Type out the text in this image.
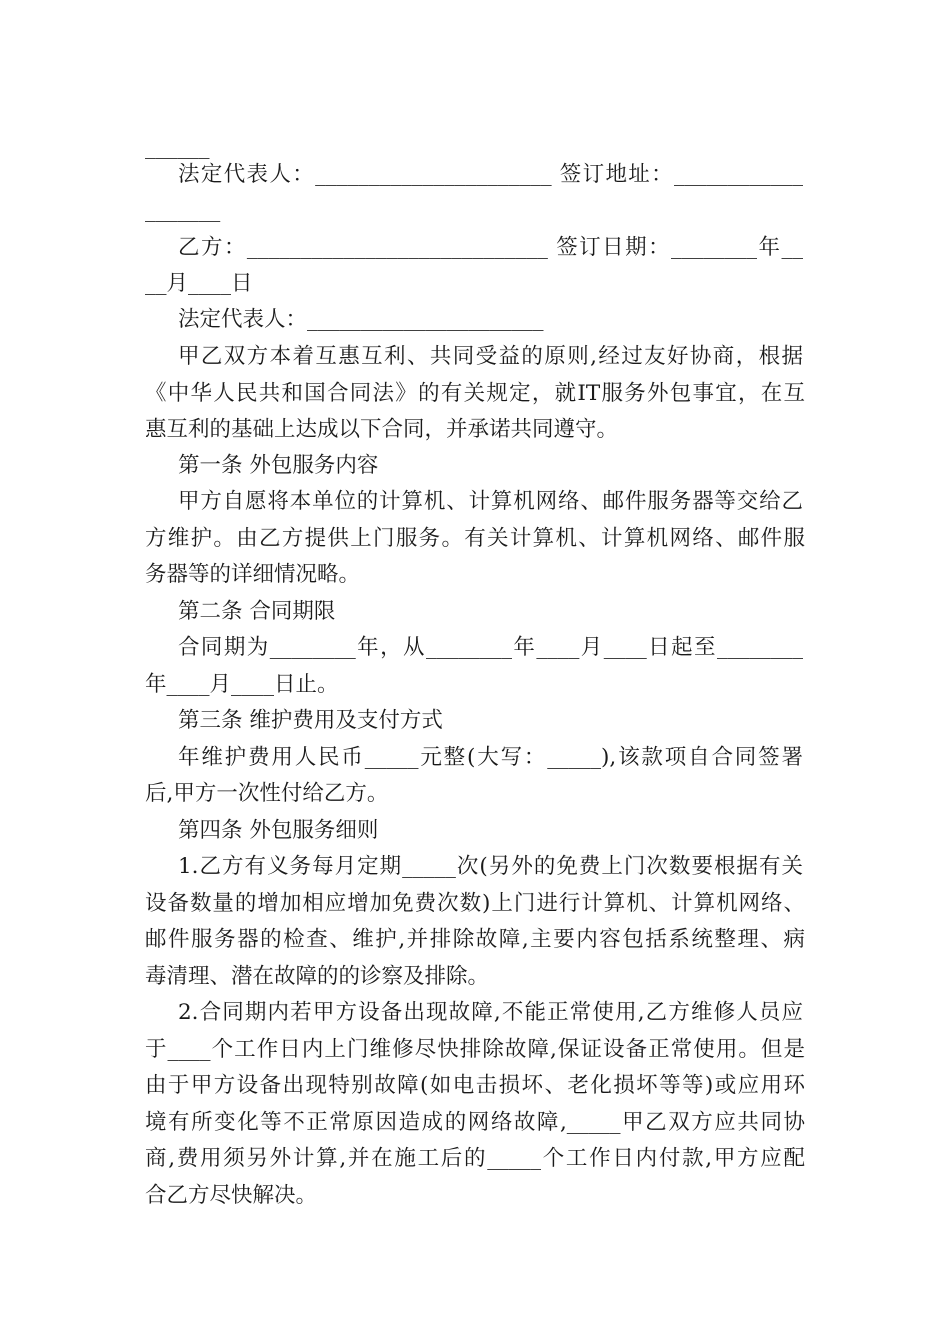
______
法定代表人：______________________ 签订地址：____________
_______
乙方：____________________________ 签订日期：________年__
__月____日
法定代表人：______________________
甲乙双方本着互惠互利、共同受益的原则,经过友好协商，根据
《中华人民共和国合同法》的有关规定，就IT服务外包事宜，在互
惠互利的基础上达成以下合同，并承诺共同遵守。
第一条 外包服务内容
甲方自愿将本单位的计算机、计算机网络、邮件服务器等交给乙
方维护。由乙方提供上门服务。有关计算机、计算机网络、邮件服
务器等的详细情况略。
第二条 合同期限
合同期为________年，从________年____月____日起至________
年____月____日止。
第三条 维护费用及支付方式
年维护费用人民币_____元整(大写：_____),该款项自合同签署
后,甲方一次性付给乙方。
第四条 外包服务细则
1.乙方有义务每月定期_____次(另外的免费上门次数要根据有关
设备数量的增加相应增加免费次数)上门进行计算机、计算机网络、
邮件服务器的检查、维护,并排除故障,主要内容包括系统整理、病
毒清理、潜在故障的的诊察及排除。
2.合同期内若甲方设备出现故障,不能正常使用,乙方维修人员应
于____个工作日内上门维修尽快排除故障,保证设备正常使用。但是
由于甲方设备出现特别故障(如电击损坏、老化损坏等等)或应用环
境有所变化等不正常原因造成的网络故障,_____甲乙双方应共同协
商,费用须另外计算,并在施工后的_____个工作日内付款,甲方应配
合乙方尽快解决。
